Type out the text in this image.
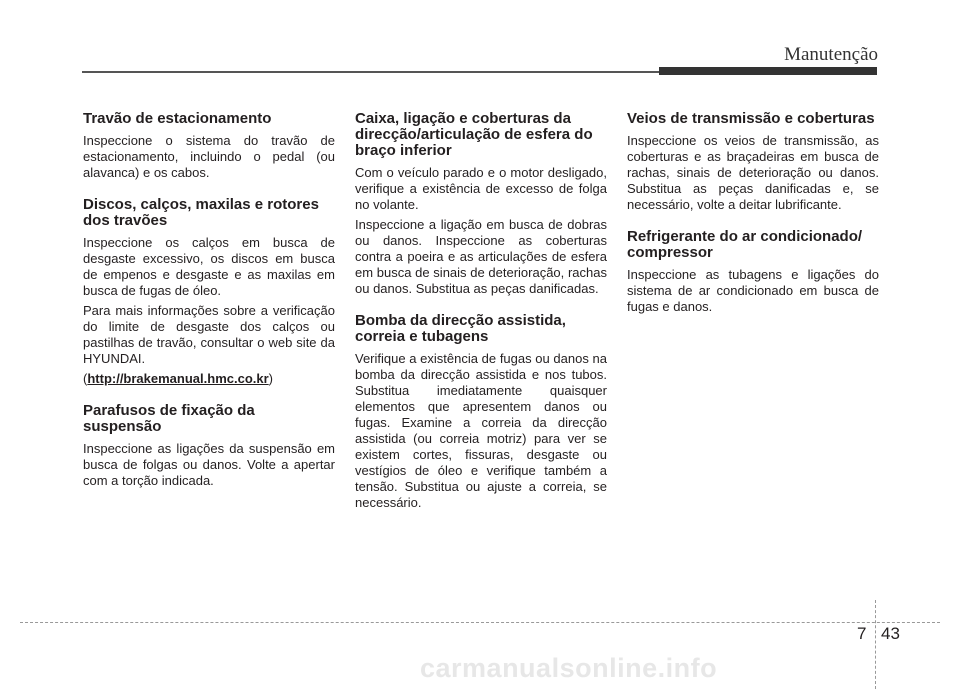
Manutenção
Travão de estacionamento

Inspeccione o sistema do travão de estacionamento, incluindo o pedal (ou alavanca) e os cabos.

Discos, calços, maxilas e rotores dos travões

Inspeccione os calços em busca de desgaste excessivo, os discos em busca de empenos e desgaste e as maxilas em busca de fugas de óleo.

Para mais informações sobre a verificação do limite de desgaste dos calços ou pastilhas de travão, consultar o web site da HYUNDAI.

(http://brakemanual.hmc.co.kr)

Parafusos de fixação da suspensão

Inspeccione as ligações da suspensão em busca de folgas ou danos. Volte a apertar com a torção indicada.

Caixa, ligação e coberturas da direcção/articulação de esfera do braço inferior

Com o veículo parado e o motor desligado, verifique a existência de excesso de folga no volante.

Inspeccione a ligação em busca de dobras ou danos. Inspeccione as coberturas contra a poeira e as articulações de esfera em busca de sinais de deterioração, rachas ou danos. Substitua as peças danificadas.

Bomba da direcção assistida, correia e tubagens

Verifique a existência de fugas ou danos na bomba da direcção assistida e nos tubos. Substitua imediatamente quaisquer elementos que apresentem danos ou fugas. Examine a correia da direcção assistida (ou correia motriz) para ver se existem cortes, fissuras, desgaste ou vestígios de óleo e verifique também a tensão. Substitua ou ajuste a correia, se necessário.

Veios de transmissão e coberturas

Inspeccione os veios de transmissão, as coberturas e as braçadeiras em busca de rachas, sinais de deterioração ou danos. Substitua as peças danificadas e, se necessário, volte a deitar lubrificante.

Refrigerante do ar condicionado/ compressor

Inspeccione as tubagens e ligações do sistema de ar condicionado em busca de fugas e danos.

7 43
carmanualsonline.info
